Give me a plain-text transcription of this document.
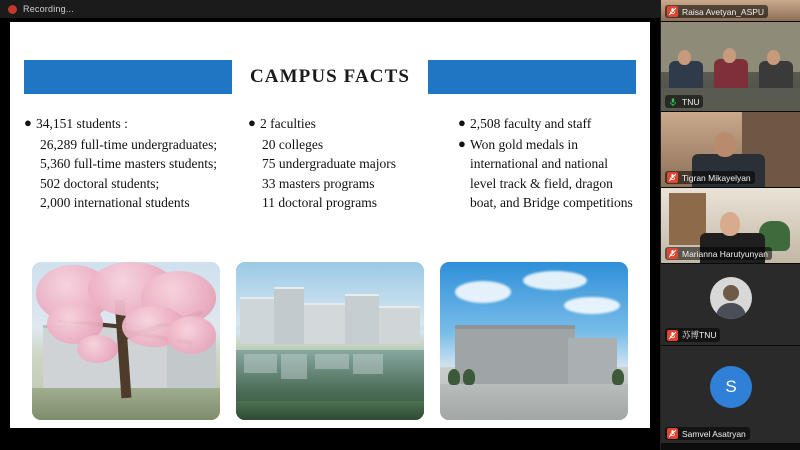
Recording...
CAMPUS FACTS
● 34,151 students :
26,289 full-time undergraduates;
5,360 full-time masters students;
502 doctoral students;
2,000 international students
● 2 faculties
20 colleges
75 undergraduate majors
33 masters programs
11 doctoral programs
● 2,508 faculty and staff
● Won gold medals in international and national level track & field, dragon boat, and Bridge competitions
Raisa Avetyan_ASPU
TNU
Tigran Mikayelyan
Marianna Harutyunyan
苏博TNU
S
Samvel Asatryan
